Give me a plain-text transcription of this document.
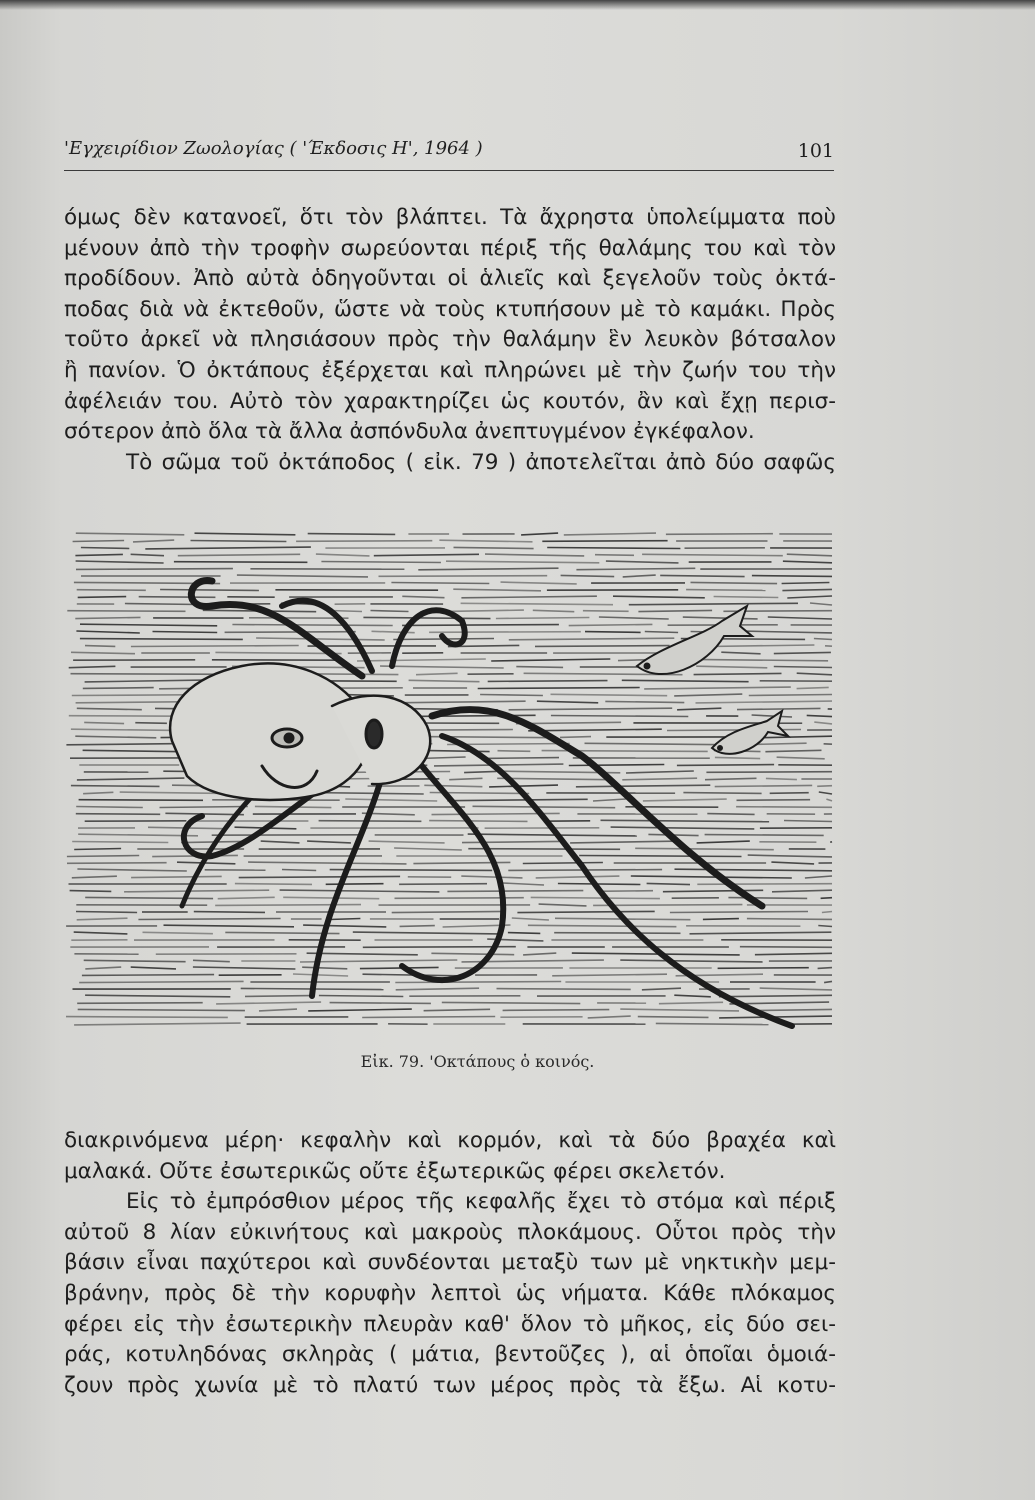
'Εγχειρίδιον Ζωολογίας ( 'Έκδοσις Η', 1964 )	101
όμως δὲν κατανοεῖ, ὅτι τὸν βλάπτει. Τὰ ἄχρηστα ὑπολείμματα ποὺ
μένουν ἀπὸ τὴν τροφὴν σωρεύονται πέριξ τῆς θαλάμης του καὶ τὸν
προδίδουν. Ἀπὸ αὐτὰ ὁδηγοῦνται οἱ ἁλιεῖς καὶ ξεγελοῦν τοὺς ὀκτά-
ποδας διὰ νὰ ἐκτεθοῦν, ὥστε νὰ τοὺς κτυπήσουν μὲ τὸ καμάκι. Πρὸς
τοῦτο ἀρκεῖ νὰ πλησιάσουν πρὸς τὴν θαλάμην ἓν λευκὸν βότσαλον
ἢ πανίον. Ὁ ὀκτάπους ἐξέρχεται καὶ πληρώνει μὲ τὴν ζωήν του τὴν
ἀφέλειάν του. Αὐτὸ τὸν χαρακτηρίζει ὡς κουτόν, ἂν καὶ ἔχῃ περισ-
σότερον ἀπὸ ὅλα τὰ ἄλλα ἀσπόνδυλα ἀνεπτυγμένον ἐγκέφαλον.
Τὸ σῶμα τοῦ ὀκτάποδος ( εἰκ. 79 ) ἀποτελεῖται ἀπὸ δύο σαφῶς
Εἰκ. 79. 'Οκτάπους ὁ κοινός.
διακρινόμενα μέρη· κεφαλὴν καὶ κορμόν, καὶ τὰ δύο βραχέα καὶ
μαλακά. Οὔτε ἐσωτερικῶς οὔτε ἐξωτερικῶς φέρει σκελετόν.
Εἰς τὸ ἐμπρόσθιον μέρος τῆς κεφαλῆς ἔχει τὸ στόμα καὶ πέριξ
αὐτοῦ 8 λίαν εὐκινήτους καὶ μακροὺς πλοκάμους. Οὗτοι πρὸς τὴν
βάσιν εἶναι παχύτεροι καὶ συνδέονται μεταξὺ των μὲ νηκτικὴν μεμ-
βράνην, πρὸς δὲ τὴν κορυφὴν λεπτοὶ ὡς νήματα. Κάθε πλόκαμος
φέρει εἰς τὴν ἐσωτερικὴν πλευρὰν καθ' ὅλον τὸ μῆκος, εἰς δύο σει-
ράς, κοτυληδόνας σκληρὰς ( μάτια, βεντοῦζες ), αἱ ὁποῖαι ὁμοιά-
ζουν πρὸς χωνία μὲ τὸ πλατύ των μέρος πρὸς τὰ ἔξω. Αἱ κοτυ-
